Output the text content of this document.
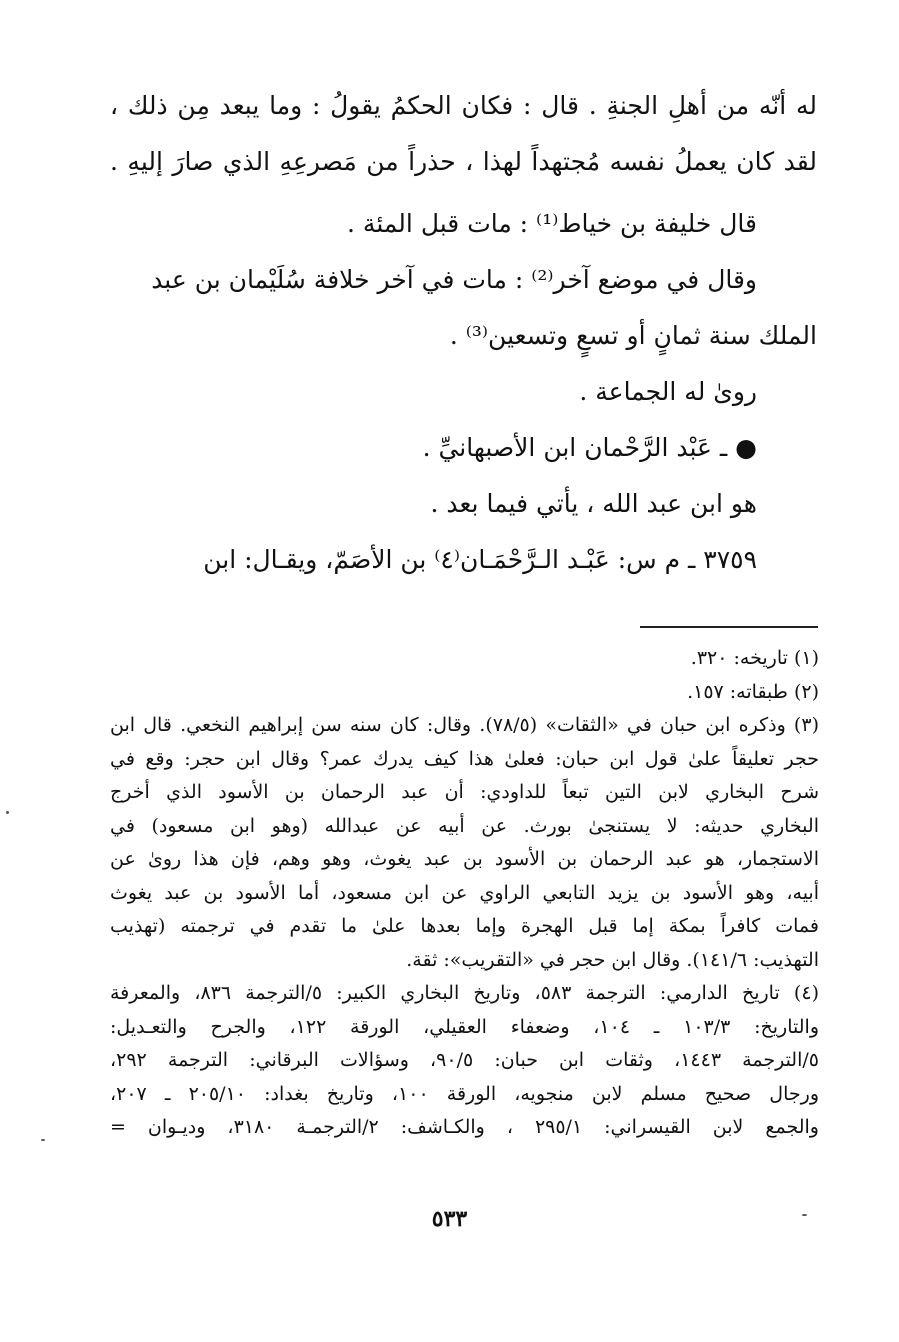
له أنّه من أهلِ الجنةِ . قال : فكان الحكمُ يقولُ : وما يبعد مِن ذلك ،
لقد كان يعملُ نفسه مُجتهداً لهذا ، حذراً من مَصرعِهِ الذي صارَ إليهِ .
قال خليفة بن خياط⁽¹⁾ : مات قبل المئة .
وقال في موضع آخر⁽²⁾ : مات في آخر خلافة سُلَيْمان بن عبد
الملك سنة ثمانٍ أو تسعٍ وتسعين⁽³⁾ .
روىٰ له الجماعة .
● ـ عَبْد الرَّحْمان ابن الأصبهانيِّ .
هو ابن عبد الله ، يأتي فيما بعد .
٣٧٥٩ ـ م س: عَبْـد الـرَّحْمَـان⁽٤⁾ بن الأصَمّ، ويقـال: ابن
(١) تاريخه: ٣٢٠.
(٢) طبقاته: ١٥٧.
(٣) وذكره ابن حبان في «الثقات» (٧٨/٥). وقال: كان سنه سن إبراهيم النخعي. قال ابن
حجر تعليقاً علىٰ قول ابن حبان: فعلىٰ هذا كيف يدرك عمر؟ وقال ابن حجر: وقع في
شرح البخاري لابن التين تبعاً للداودي: أن عبد الرحمان بن الأسود الذي أخرج
البخاري حديثه: لا يستنجىٰ بورث. عن أبيه عن عبدالله (وهو ابن مسعود) في
الاستجمار، هو عبد الرحمان بن الأسود بن عبد يغوث، وهو وهم، فإن هذا روىٰ عن
أبيه، وهو الأسود بن يزيد التابعي الراوي عن ابن مسعود، أما الأسود بن عبد يغوث
فمات كافراً بمكة إما قبل الهجرة وإما بعدها علىٰ ما تقدم في ترجمته (تهذيب
التهذيب: ١٤١/٦). وقال ابن حجر في «التقريب»: ثقة.
(٤) تاريخ الدارمي: الترجمة ٥٨٣، وتاريخ البخاري الكبير: ٥/الترجمة ٨٣٦، والمعرفة
والتاريخ: ١٠٣/٣ ـ ١٠٤، وضعفاء العقيلي، الورقة ١٢٢، والجرح والتعـديل:
٥/الترجمة ١٤٤٣، وثقات ابن حبان: ٩٠/٥، وسؤالات البرقاني: الترجمة ٢٩٢،
ورجال صحيح مسلم لابن منجويه، الورقة ١٠٠، وتاريخ بغداد: ٢٠٥/١٠ ـ ٢٠٧،
والجمع لابن القيسراني: ٢٩٥/١ ، والكـاشف: ٢/الترجمـة ٣١٨٠، وديـوان =
٥٣٣
